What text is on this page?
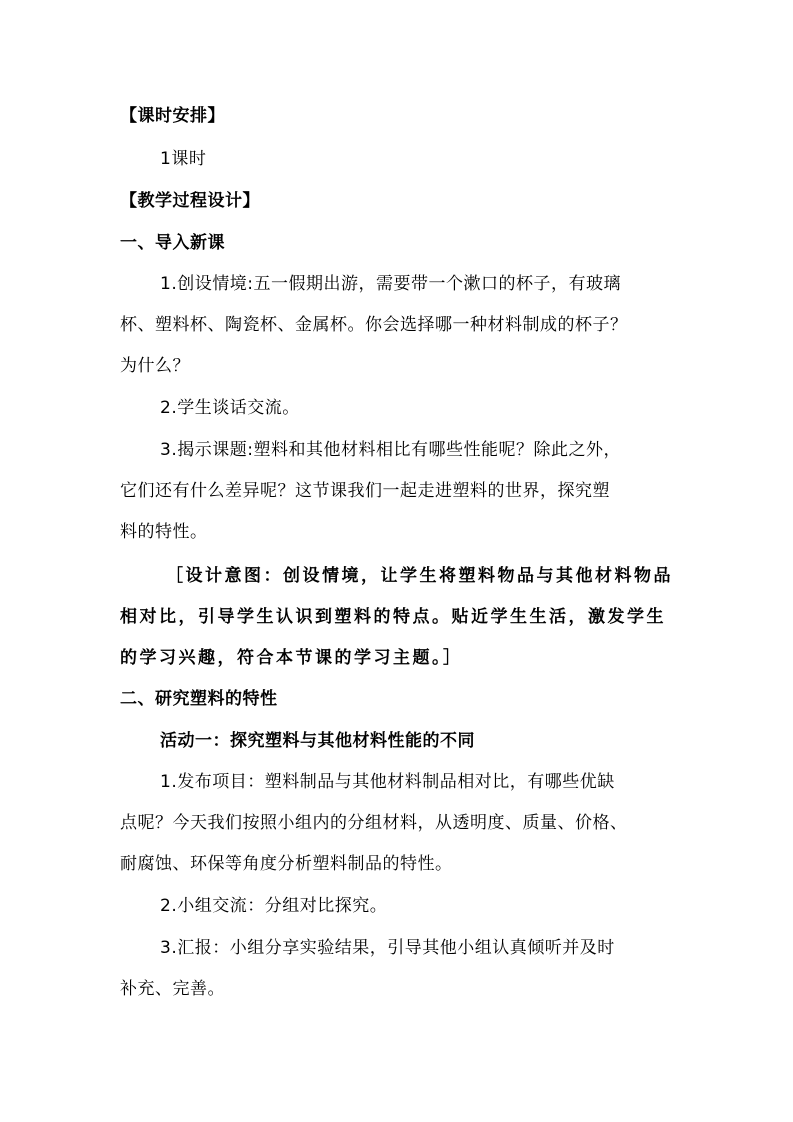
【课时安排】
1课时
【教学过程设计】
一、导入新课
1.创设情境:五一假期出游，需要带一个漱口的杯子，有玻璃
杯、塑料杯、陶瓷杯、金属杯。你会选择哪一种材料制成的杯子？
为什么？
2.学生谈话交流。
3.揭示课题:塑料和其他材料相比有哪些性能呢？除此之外，
它们还有什么差异呢？这节课我们一起走进塑料的世界，探究塑
料的特性。
［设计意图：创设情境，让学生将塑料物品与其他材料物品
相对比，引导学生认识到塑料的特点。贴近学生生活，激发学生
的学习兴趣，符合本节课的学习主题。］
二、研究塑料的特性
活动一：探究塑料与其他材料性能的不同
1.发布项目：塑料制品与其他材料制品相对比，有哪些优缺
点呢？今天我们按照小组内的分组材料，从透明度、质量、价格、
耐腐蚀、环保等角度分析塑料制品的特性。
2.小组交流：分组对比探究。
3.汇报：小组分享实验结果，引导其他小组认真倾听并及时
补充、完善。
